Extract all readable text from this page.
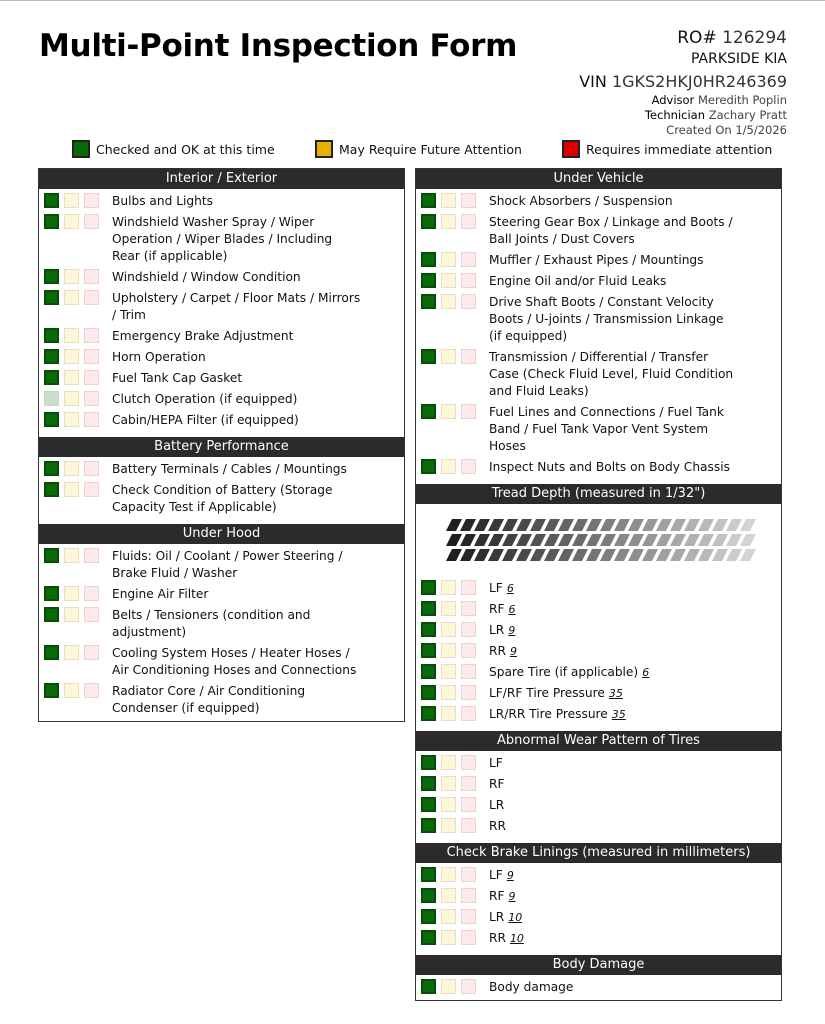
Multi-Point Inspection Form	RO# 126294
PARKSIDE KIA
VIN 1GKS2HKJ0HR246369
Advisor Meredith Poplin
Technician Zachary Pratt
Created On 1/5/2026
Checked and OK at this time	May Require Future Attention	Requires immediate attention
Interior / Exterior
Bulbs and Lights
Windshield Washer Spray / Wiper Operation / Wiper Blades / Including Rear (if applicable)
Windshield / Window Condition
Upholstery / Carpet / Floor Mats / Mirrors / Trim
Emergency Brake Adjustment
Horn Operation
Fuel Tank Cap Gasket
Clutch Operation (if equipped)
Cabin/HEPA Filter (if equipped)
Battery Performance
Battery Terminals / Cables / Mountings
Check Condition of Battery (Storage Capacity Test if Applicable)
Under Hood
Fluids: Oil / Coolant / Power Steering / Brake Fluid / Washer
Engine Air Filter
Belts / Tensioners (condition and adjustment)
Cooling System Hoses / Heater Hoses / Air Conditioning Hoses and Connections
Radiator Core / Air Conditioning Condenser (if equipped)
Under Vehicle
Shock Absorbers / Suspension
Steering Gear Box / Linkage and Boots / Ball Joints / Dust Covers
Muffler / Exhaust Pipes / Mountings
Engine Oil and/or Fluid Leaks
Drive Shaft Boots / Constant Velocity Boots / U-joints / Transmission Linkage (if equipped)
Transmission / Differential / Transfer Case (Check Fluid Level, Fluid Condition and Fluid Leaks)
Fuel Lines and Connections / Fuel Tank Band / Fuel Tank Vapor Vent System Hoses
Inspect Nuts and Bolts on Body Chassis
Tread Depth (measured in 1/32")
LF 6
RF 6
LR 9
RR 9
Spare Tire (if applicable) 6
LF/RF Tire Pressure 35
LR/RR Tire Pressure 35
Abnormal Wear Pattern of Tires
LF
RF
LR
RR
Check Brake Linings (measured in millimeters)
LF 9
RF 9
LR 10
RR 10
Body Damage
Body damage
